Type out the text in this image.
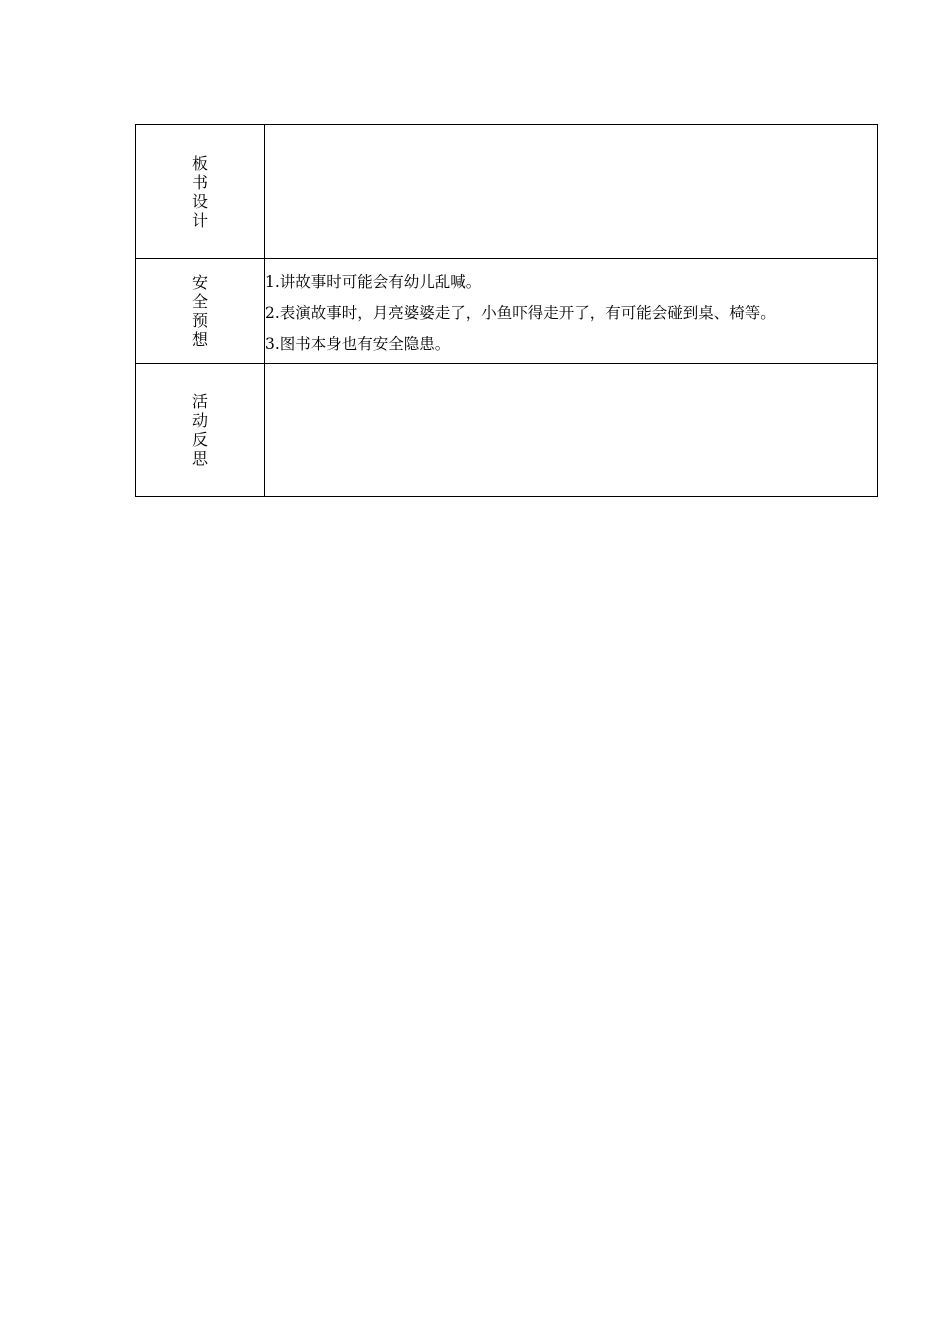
板书设计	
安全预想	1.讲故事时可能会有幼儿乱喊。
2.表演故事时，月亮婆婆走了，小鱼吓得走开了，有可能会碰到桌、椅等。
3.图书本身也有安全隐患。

活动反思	
